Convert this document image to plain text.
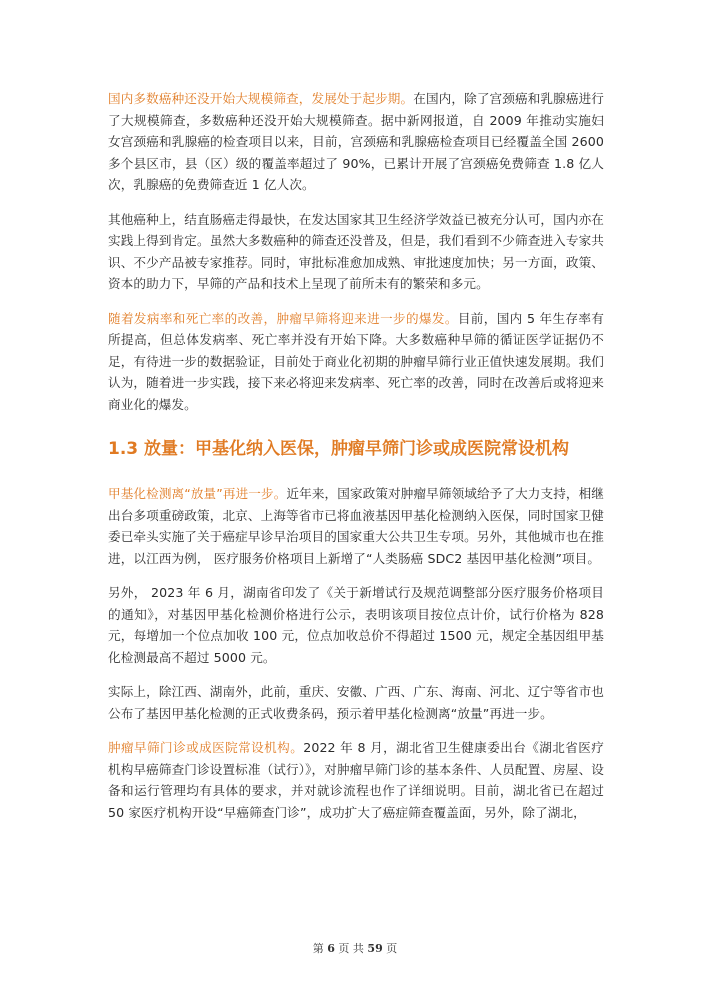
国内多数癌种还没开始大规模筛查，发展处于起步期。在国内，除了宫颈癌和乳腺癌进行了大规模筛查，多数癌种还没开始大规模筛查。据中新网报道，自 2009 年推动实施妇女宫颈癌和乳腺癌的检查项目以来，目前，宫颈癌和乳腺癌检查项目已经覆盖全国 2600 多个县区市，县（区）级的覆盖率超过了 90%，已累计开展了宫颈癌免费筛查 1.8 亿人次，乳腺癌的免费筛查近 1 亿人次。

其他癌种上，结直肠癌走得最快，在发达国家其卫生经济学效益已被充分认可，国内亦在实践上得到肯定。虽然大多数癌种的筛查还没普及，但是，我们看到不少筛查进入专家共识、不少产品被专家推荐。同时，审批标准愈加成熟、审批速度加快；另一方面，政策、资本的助力下，早筛的产品和技术上呈现了前所未有的繁荣和多元。

随着发病率和死亡率的改善，肿瘤早筛将迎来进一步的爆发。目前，国内 5 年生存率有所提高，但总体发病率、死亡率并没有开始下降。大多数癌种早筛的循证医学证据仍不足，有待进一步的数据验证，目前处于商业化初期的肿瘤早筛行业正值快速发展期。我们认为，随着进一步实践，接下来必将迎来发病率、死亡率的改善，同时在改善后或将迎来商业化的爆发。

1.3 放量：甲基化纳入医保，肿瘤早筛门诊或成医院常设机构

甲基化检测离“放量”再进一步。近年来，国家政策对肿瘤早筛领域给予了大力支持，相继出台多项重磅政策，北京、上海等省市已将血液基因甲基化检测纳入医保，同时国家卫健委已牵头实施了关于癌症早诊早治项目的国家重大公共卫生专项。另外，其他城市也在推进，以江西为例， 医疗服务价格项目上新增了“人类肠癌 SDC2 基因甲基化检测”项目。

另外， 2023 年 6 月，湖南省印发了《关于新增试行及规范调整部分医疗服务价格项目的通知》，对基因甲基化检测价格进行公示，表明该项目按位点计价，试行价格为 828 元，每增加一个位点加收 100 元，位点加收总价不得超过 1500 元，规定全基因组甲基化检测最高不超过 5000 元。

实际上，除江西、湖南外，此前，重庆、安徽、广西、广东、海南、河北、辽宁等省市也公布了基因甲基化检测的正式收费条码，预示着甲基化检测离“放量”再进一步。

肿瘤早筛门诊或成医院常设机构。2022 年 8 月，湖北省卫生健康委出台《湖北省医疗机构早癌筛查门诊设置标准（试行）》，对肿瘤早筛门诊的基本条件、人员配置、房屋、设备和运行管理均有具体的要求，并对就诊流程也作了详细说明。目前，湖北省已在超过 50 家医疗机构开设“早癌筛查门诊”，成功扩大了癌症筛查覆盖面，另外，除了湖北，

第 6 页 共 59 页
